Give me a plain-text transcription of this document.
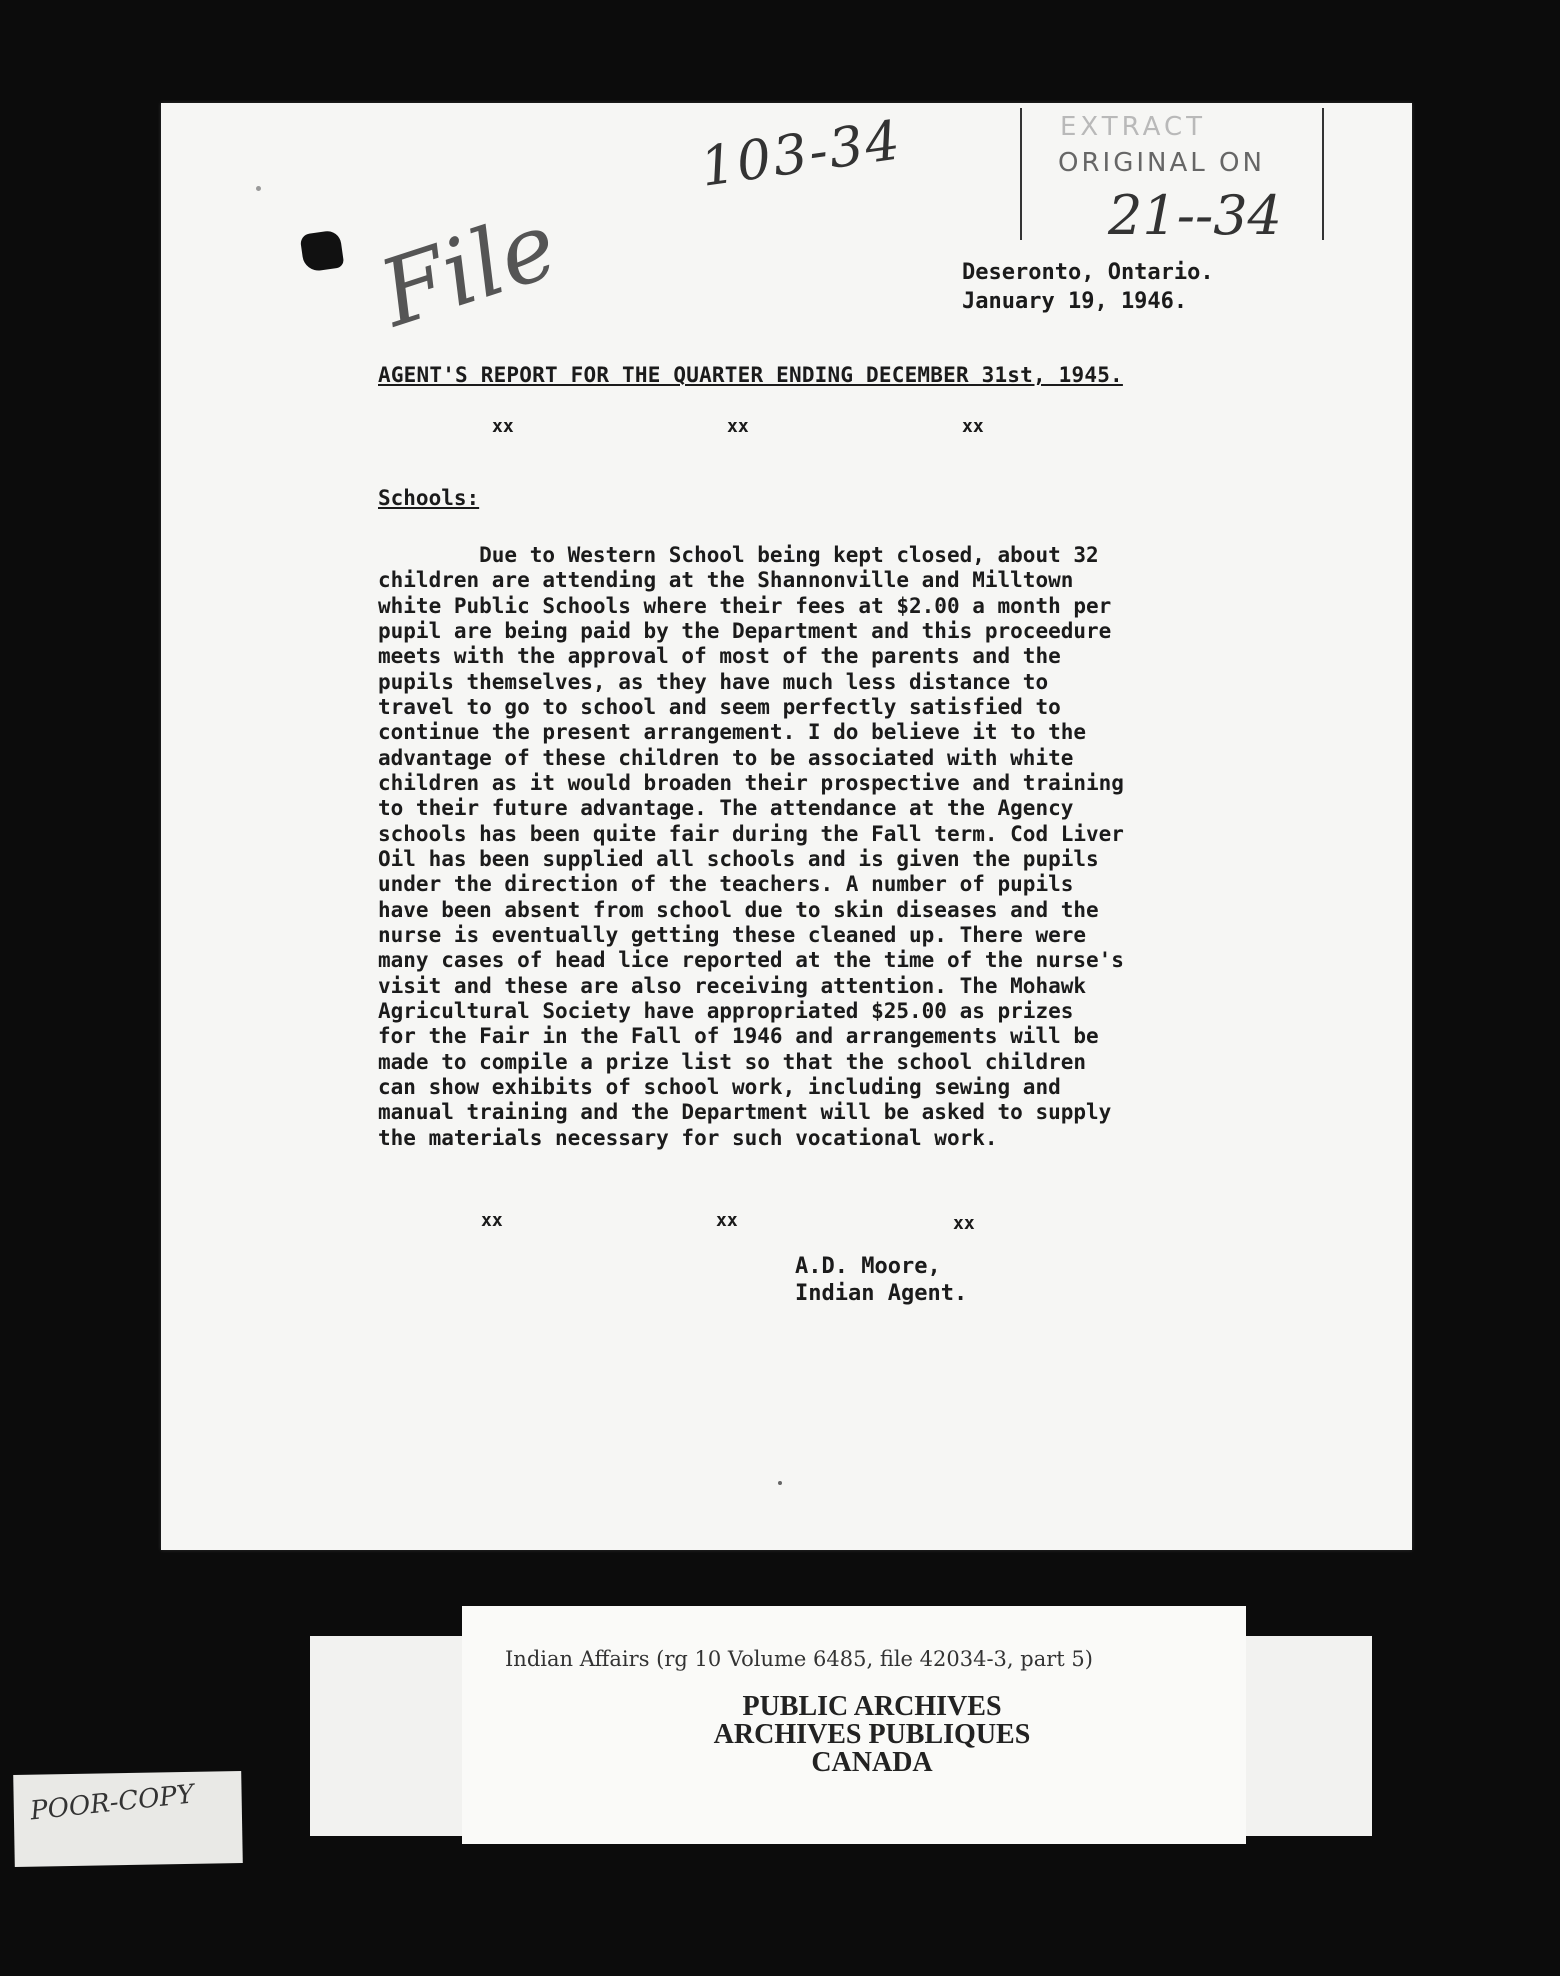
103-34
File
EXTRACT
ORIGINAL ON
21--34
Deseronto, Ontario.
January 19, 1946.
AGENT'S REPORT FOR THE QUARTER ENDING DECEMBER 31st, 1945.
xx	xx	xx
Schools:
Due to Western School being kept closed, about 32
children are attending at the Shannonville and Milltown
white Public Schools where their fees at $2.00 a month per
pupil are being paid by the Department and this proceedure
meets with the approval of most of the parents and the
pupils themselves, as they have much less distance to
travel to go to school and seem perfectly satisfied to
continue the present arrangement. I do believe it to the
advantage of these children to be associated with white
children as it would broaden their prospective and training
to their future advantage. The attendance at the Agency
schools has been quite fair during the Fall term. Cod Liver
Oil has been supplied all schools and is given the pupils
under the direction of the teachers. A number of pupils
have been absent from school due to skin diseases and the
nurse is eventually getting these cleaned up. There were
many cases of head lice reported at the time of the nurse's
visit and these are also receiving attention. The Mohawk
Agricultural Society have appropriated $25.00 as prizes
for the Fair in the Fall of 1946 and arrangements will be
made to compile a prize list so that the school children
can show exhibits of school work, including sewing and
manual training and the Department will be asked to supply
the materials necessary for such vocational work.
xx	xx	xx
A.D. Moore,
Indian Agent.
Indian Affairs (rg 10 Volume 6485, file 42034-3, part 5)
PUBLIC ARCHIVES
ARCHIVES PUBLIQUES
CANADA
POOR-COPY
